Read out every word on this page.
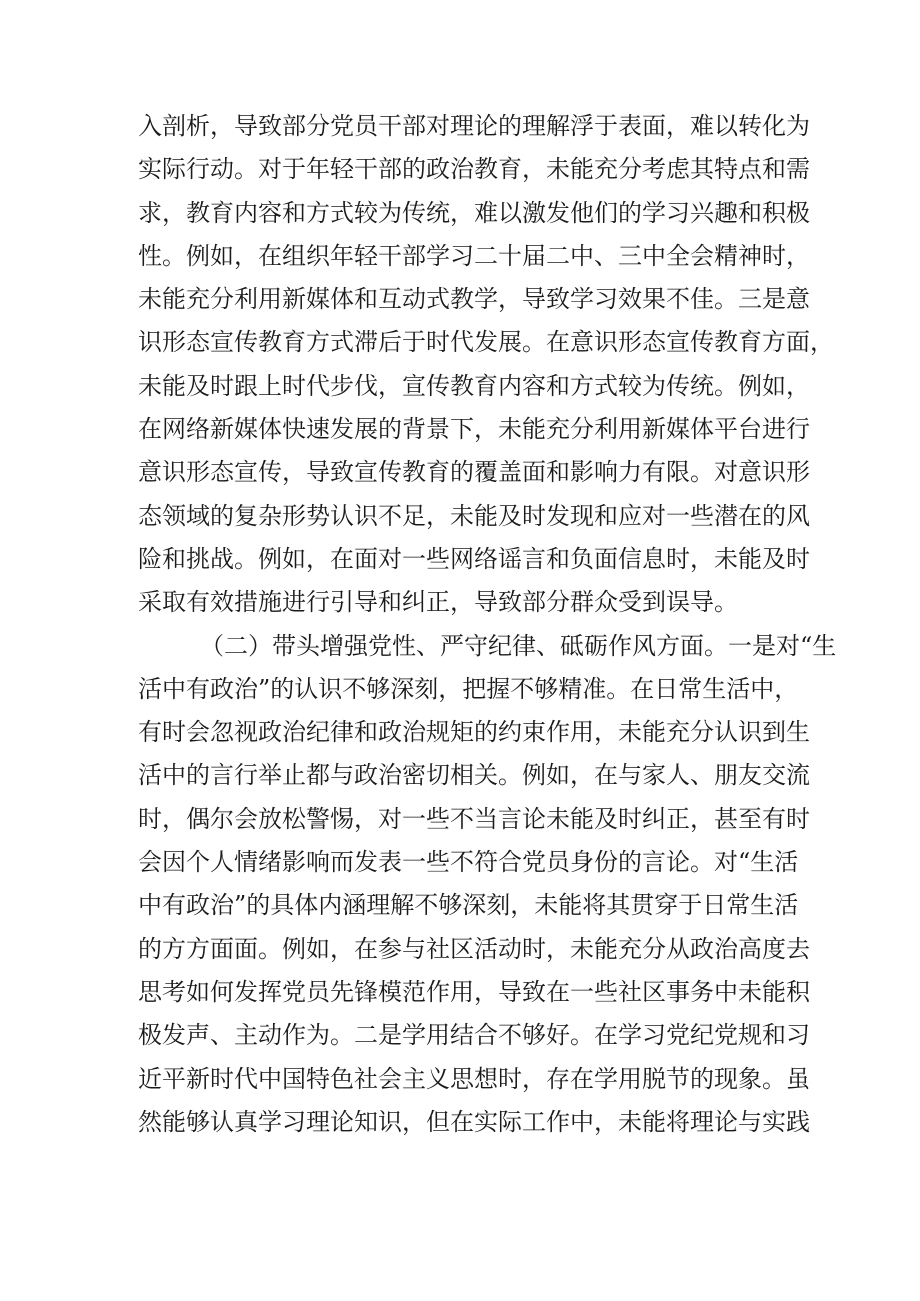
入剖析，导致部分党员干部对理论的理解浮于表面，难以转化为
实际行动。对于年轻干部的政治教育，未能充分考虑其特点和需
求，教育内容和方式较为传统，难以激发他们的学习兴趣和积极
性。例如，在组织年轻干部学习二十届二中、三中全会精神时，
未能充分利用新媒体和互动式教学，导致学习效果不佳。三是意
识形态宣传教育方式滞后于时代发展。在意识形态宣传教育方面，
未能及时跟上时代步伐，宣传教育内容和方式较为传统。例如，
在网络新媒体快速发展的背景下，未能充分利用新媒体平台进行
意识形态宣传，导致宣传教育的覆盖面和影响力有限。对意识形
态领域的复杂形势认识不足，未能及时发现和应对一些潜在的风
险和挑战。例如，在面对一些网络谣言和负面信息时，未能及时
采取有效措施进行引导和纠正，导致部分群众受到误导。
（二）带头增强党性、严守纪律、砥砺作风方面。一是对“生
活中有政治”的认识不够深刻，把握不够精准。在日常生活中，
有时会忽视政治纪律和政治规矩的约束作用，未能充分认识到生
活中的言行举止都与政治密切相关。例如，在与家人、朋友交流
时，偶尔会放松警惕，对一些不当言论未能及时纠正，甚至有时
会因个人情绪影响而发表一些不符合党员身份的言论。对“生活
中有政治”的具体内涵理解不够深刻，未能将其贯穿于日常生活
的方方面面。例如，在参与社区活动时，未能充分从政治高度去
思考如何发挥党员先锋模范作用，导致在一些社区事务中未能积
极发声、主动作为。二是学用结合不够好。在学习党纪党规和习
近平新时代中国特色社会主义思想时，存在学用脱节的现象。虽
然能够认真学习理论知识，但在实际工作中，未能将理论与实践
